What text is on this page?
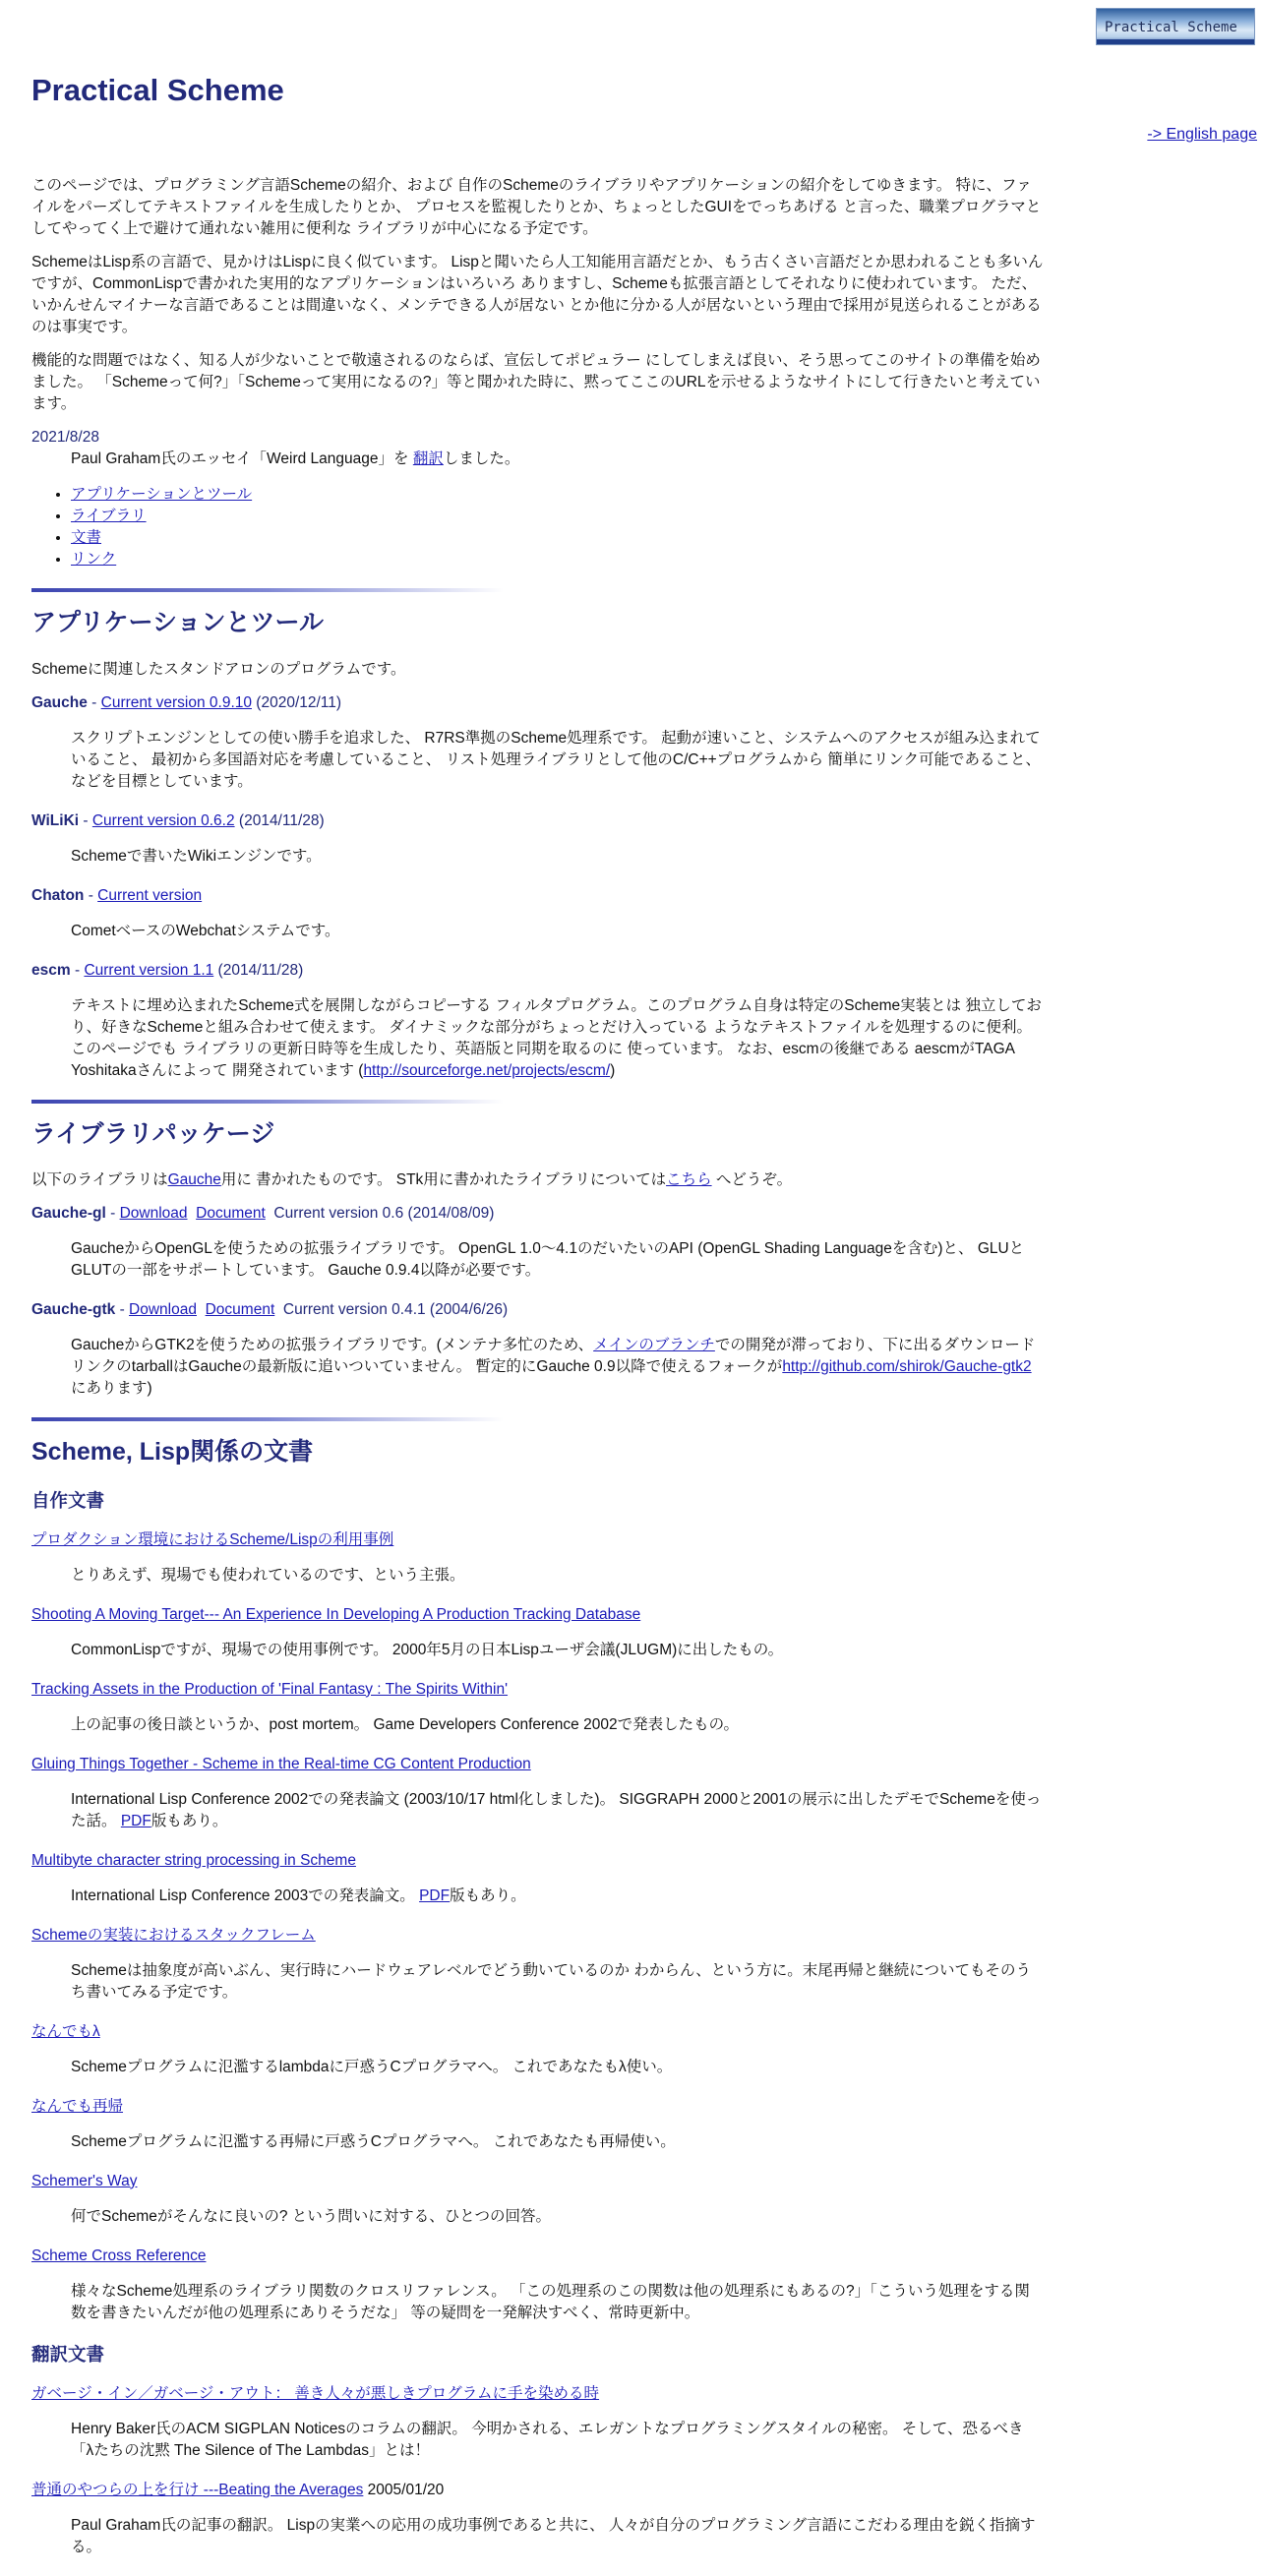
Practical Scheme
Practical Scheme
-> English page

このページでは、プログラミング言語Schemeの紹介、および 自作のSchemeのライブラリやアプリケーションの紹介をしてゆきます。 特に、ファイルをパーズしてテキストファイルを生成したりとか、 プロセスを監視したりとか、ちょっとしたGUIをでっちあげる と言った、職業プログラマとしてやってく上で避けて通れない雑用に便利な ライブラリが中心になる予定です。

SchemeはLisp系の言語で、見かけはLispに良く似ています。 Lispと聞いたら人工知能用言語だとか、もう古くさい言語だとか思われることも多いんですが、CommonLispで書かれた実用的なアプリケーションはいろいろ ありますし、Schemeも拡張言語としてそれなりに使われています。 ただ、いかんせんマイナーな言語であることは間違いなく、メンテできる人が居ない とか他に分かる人が居ないという理由で採用が見送られることがあるのは事実です。

機能的な問題ではなく、知る人が少ないことで敬遠されるのならば、宣伝してポピュラー にしてしまえば良い、そう思ってこのサイトの準備を始めました。 「Schemeって何?」「Schemeって実用になるの?」等と聞かれた時に、黙ってここのURLを示せるようなサイトにして行きたいと考えています。

2021/8/28
Paul Graham氏のエッセイ「Weird Language」を 翻訳しました。
• アプリケーションとツール
• ライブラリ
• 文書
• リンク
アプリケーションとツール

Schemeに関連したスタンドアロンのプログラムです。

Gauche - Current version 0.9.10 (2020/12/11)
スクリプトエンジンとしての使い勝手を追求した、 R7RS準拠のScheme処理系です。 起動が速いこと、システムへのアクセスが組み込まれていること、 最初から多国語対応を考慮していること、 リスト処理ライブラリとして他のC/C++プログラムから 簡単にリンク可能であること、 などを目標としています。
WiLiKi - Current version 0.6.2 (2014/11/28)
Schemeで書いたWikiエンジンです。
Chaton - Current version
CometベースのWebchatシステムです。
escm - Current version 1.1 (2014/11/28)
テキストに埋め込まれたScheme式を展開しながらコピーする フィルタプログラム。このプログラム自身は特定のScheme実装とは 独立しており、好きなSchemeと組み合わせて使えます。 ダイナミックな部分がちょっとだけ入っている ようなテキストファイルを処理するのに便利。このページでも ライブラリの更新日時等を生成したり、英語版と同期を取るのに 使っています。 なお、escmの後継である aescmがTAGA Yoshitakaさんによって 開発されています (http://sourceforge.net/projects/escm/)
ライブラリパッケージ

以下のライブラリはGauche用に 書かれたものです。 STk用に書かれたライブラリについてはこちら へどうぞ。

Gauche-gl - Download Document Current version 0.6 (2014/08/09)
GaucheからOpenGLを使うための拡張ライブラリです。 OpenGL 1.0〜4.1のだいたいのAPI (OpenGL Shading Languageを含む)と、 GLUとGLUTの一部をサポートしています。 Gauche 0.9.4以降が必要です。
Gauche-gtk - Download Document Current version 0.4.1 (2004/6/26)
GaucheからGTK2を使うための拡張ライブラリです。(メンテナ多忙のため、メインのブランチでの開発が滞っており、下に出るダウンロードリンクのtarballはGaucheの最新版に追いついていません。 暫定的にGauche 0.9以降で使えるフォークがhttp://github.com/shirok/Gauche-gtk2にあります)
Scheme, Lisp関係の文書
自作文書
プロダクション環境におけるScheme/Lispの利用事例
とりあえず、現場でも使われているのです、という主張。
Shooting A Moving Target--- An Experience In Developing A Production Tracking Database
CommonLispですが、現場での使用事例です。 2000年5月の日本Lispユーザ会議(JLUGM)に出したもの。
Tracking Assets in the Production of 'Final Fantasy : The Spirits Within'
上の記事の後日談というか、post mortem。 Game Developers Conference 2002で発表したもの。
Gluing Things Together - Scheme in the Real-time CG Content Production
International Lisp Conference 2002での発表論文 (2003/10/17 html化しました)。 SIGGRAPH 2000と2001の展示に出したデモでSchemeを使った話。 PDF版もあり。
Multibyte character string processing in Scheme
International Lisp Conference 2003での発表論文。 PDF版もあり。
Schemeの実装におけるスタックフレーム
Schemeは抽象度が高いぶん、実行時にハードウェアレベルでどう動いているのか わからん、という方に。末尾再帰と継続についてもそのうち書いてみる予定です。
なんでもλ
Schemeプログラムに氾濫するlambdaに戸惑うCプログラマへ。 これであなたもλ使い。
なんでも再帰
Schemeプログラムに氾濫する再帰に戸惑うCプログラマへ。 これであなたも再帰使い。
Schemer's Way
何でSchemeがそんなに良いの? という問いに対する、ひとつの回答。
Scheme Cross Reference
様々なScheme処理系のライブラリ関数のクロスリファレンス。 「この処理系のこの関数は他の処理系にもあるの?」「こういう処理をする関数を書きたいんだが他の処理系にありそうだな」 等の疑問を一発解決すべく、常時更新中。
翻訳文書
ガベージ・イン／ガベージ・アウト： 善き人々が悪しきプログラムに手を染める時
Henry Baker氏のACM SIGPLAN Noticesのコラムの翻訳。 今明かされる、エレガントなプログラミングスタイルの秘密。 そして、恐るべき「λたちの沈黙 The Silence of The Lambdas」とは！
普通のやつらの上を行け ---Beating the Averages 2005/01/20
Paul Graham氏の記事の翻訳。 Lispの実業への応用の成功事例であると共に、 人々が自分のプログラミング言語にこだわる理由を鋭く指摘する。
